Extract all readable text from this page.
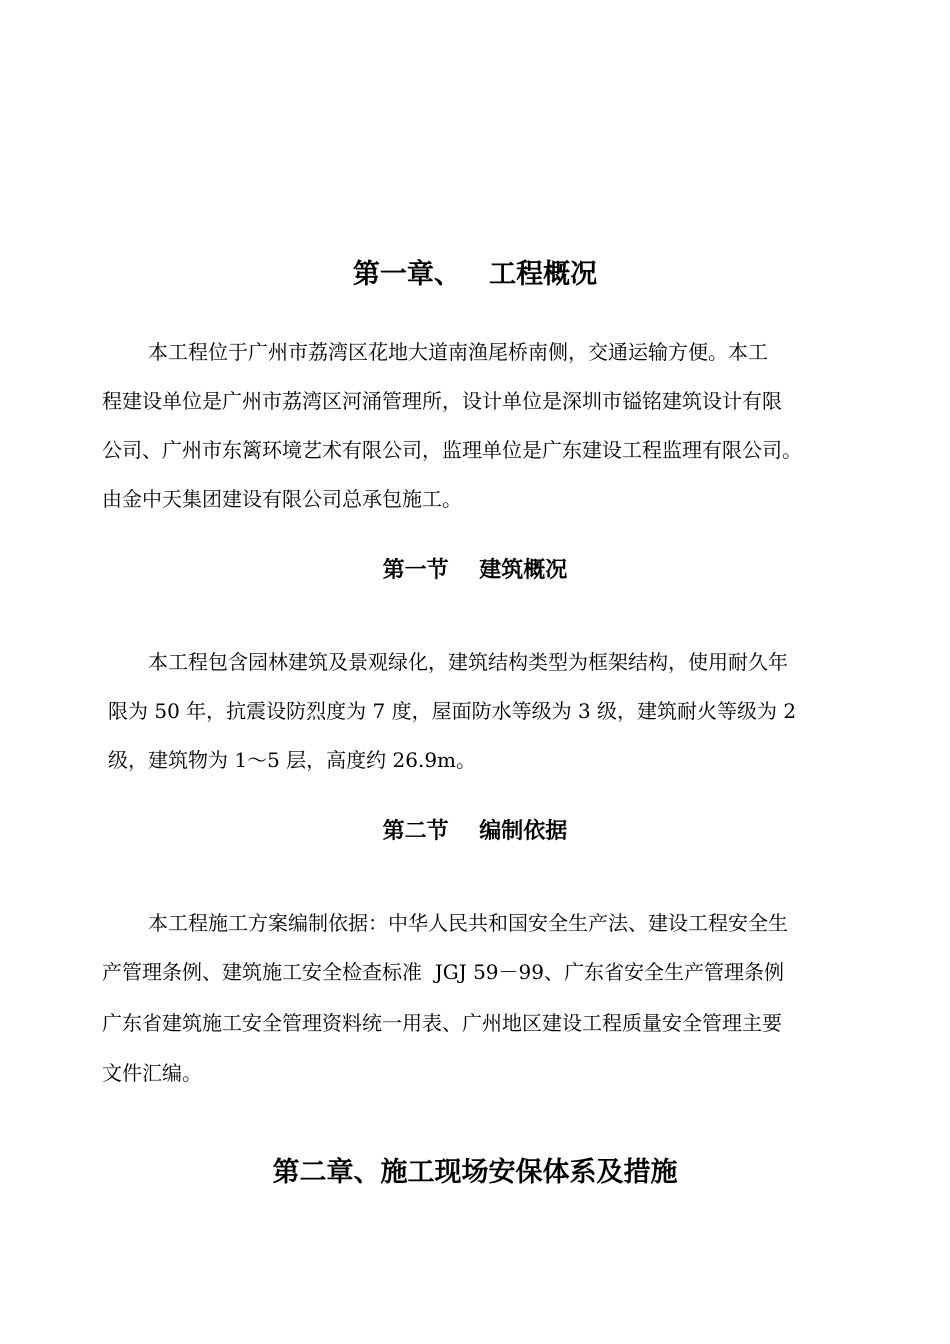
第一章、   工程概况
本工程位于广州市荔湾区花地大道南渔尾桥南侧，交通运输方便。本工
程建设单位是广州市荔湾区河涌管理所，设计单位是深圳市镒铭建筑设计有限
公司、广州市东篱环境艺术有限公司，监理单位是广东建设工程监理有限公司。
由金中天集团建设有限公司总承包施工。
第一节    建筑概况
本工程包含园林建筑及景观绿化，建筑结构类型为框架结构，使用耐久年
限为 50 年，抗震设防烈度为 7 度，屋面防水等级为 3 级，建筑耐火等级为 2
级，建筑物为 1～5 层，高度约 26.9m。
第二节    编制依据
本工程施工方案编制依据：中华人民共和国安全生产法、建设工程安全生
产管理条例、建筑施工安全检查标准  JGJ 59－99、广东省安全生产管理条例
广东省建筑施工安全管理资料统一用表、广州地区建设工程质量安全管理主要
文件汇编。
第二章、施工现场安保体系及措施
